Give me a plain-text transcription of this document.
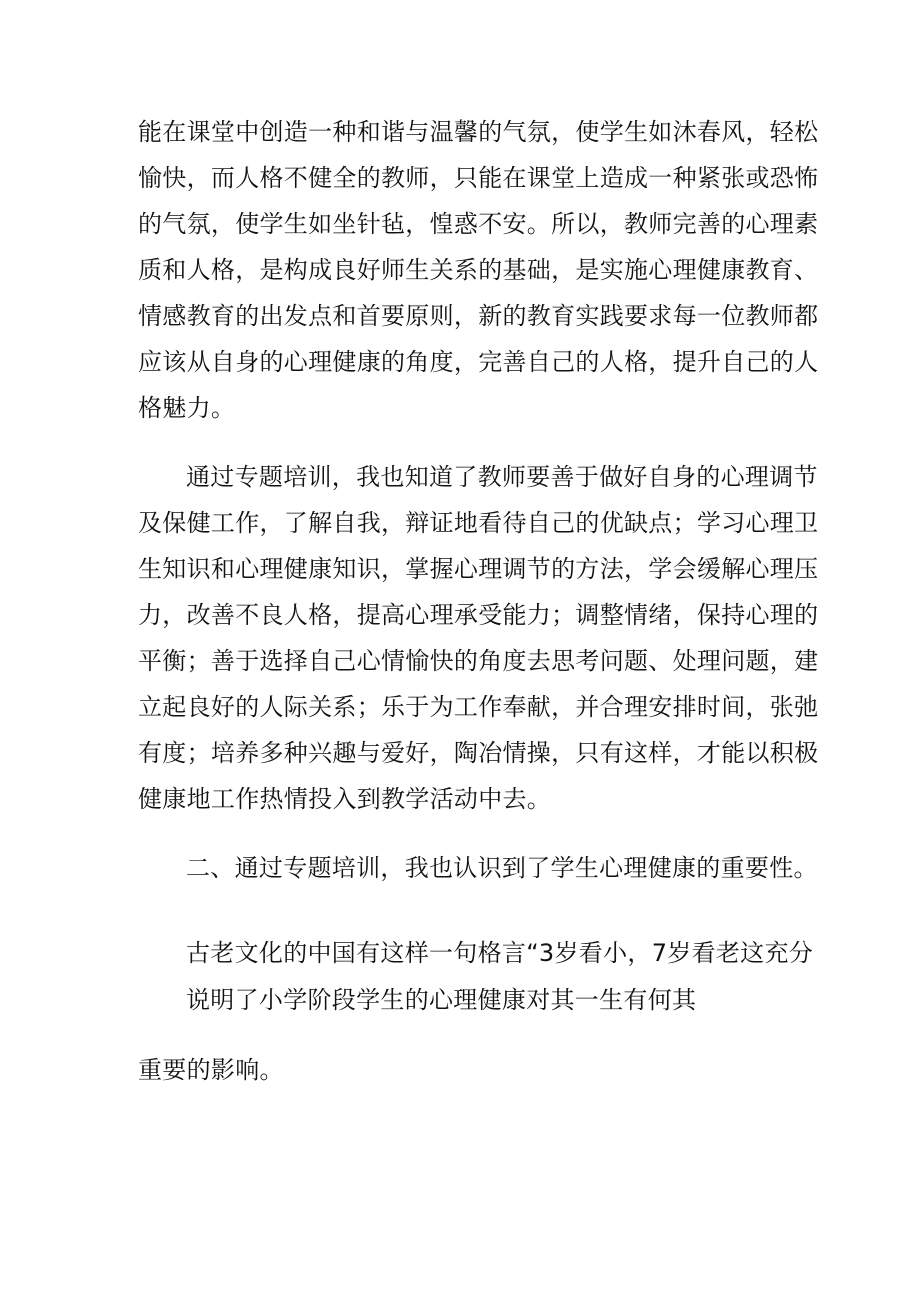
能在课堂中创造一种和谐与温馨的气氛，使学生如沐春风，轻松
愉快，而人格不健全的教师，只能在课堂上造成一种紧张或恐怖
的气氛，使学生如坐针毡，惶惑不安。所以，教师完善的心理素
质和人格，是构成良好师生关系的基础，是实施心理健康教育、
情感教育的出发点和首要原则，新的教育实践要求每一位教师都
应该从自身的心理健康的角度，完善自己的人格，提升自己的人
格魅力。
通过专题培训，我也知道了教师要善于做好自身的心理调节
及保健工作，了解自我，辩证地看待自己的优缺点；学习心理卫
生知识和心理健康知识，掌握心理调节的方法，学会缓解心理压
力，改善不良人格，提高心理承受能力；调整情绪，保持心理的
平衡；善于选择自己心情愉快的角度去思考问题、处理问题，建
立起良好的人际关系；乐于为工作奉献，并合理安排时间，张弛
有度；培养多种兴趣与爱好，陶冶情操，只有这样，才能以积极
健康地工作热情投入到教学活动中去。
二、通过专题培训，我也认识到了学生心理健康的重要性。
古老文化的中国有这样一句格言“3岁看小，7岁看老这充分
说明了小学阶段学生的心理健康对其一生有何其
重要的影响。
